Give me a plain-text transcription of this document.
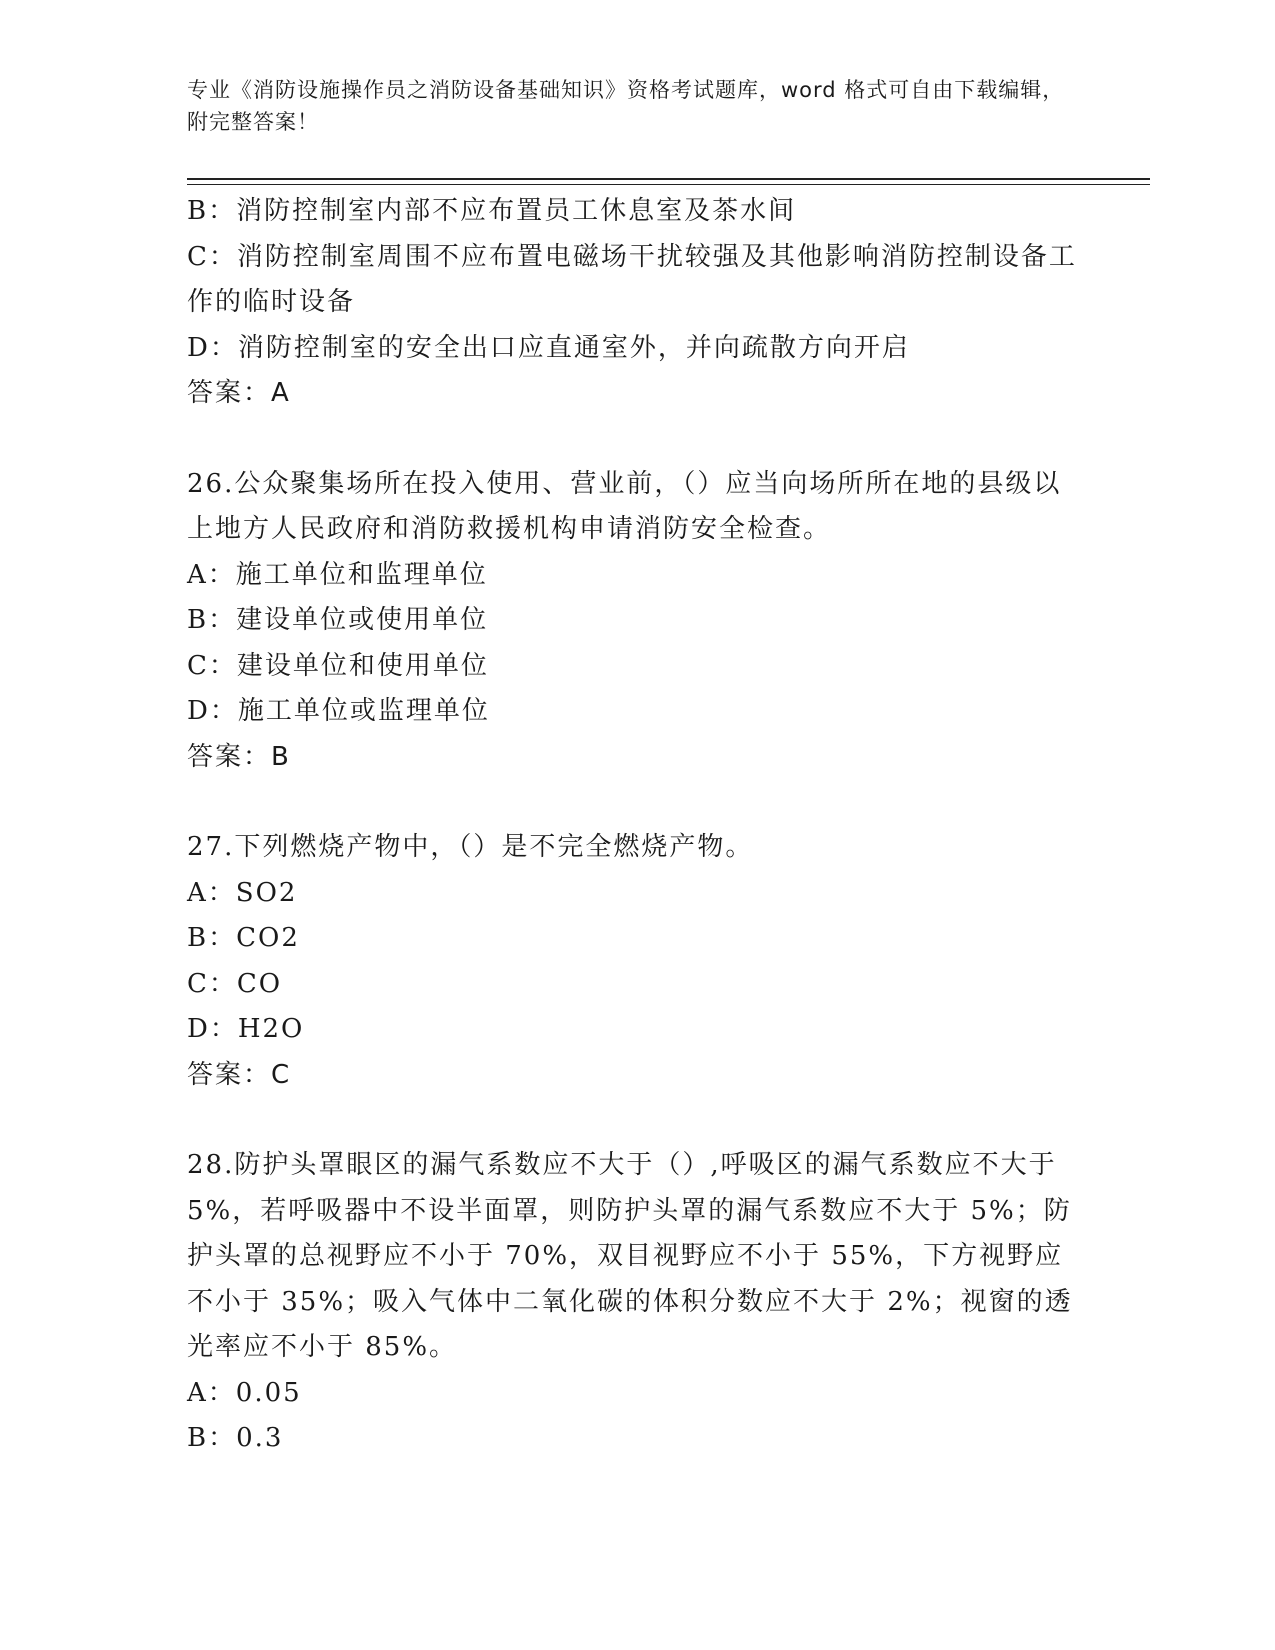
专业《消防设施操作员之消防设备基础知识》资格考试题库，word 格式可自由下载编辑，附完整答案！
B：消防控制室内部不应布置员工休息室及茶水间
C：消防控制室周围不应布置电磁场干扰较强及其他影响消防控制设备工作的临时设备
D：消防控制室的安全出口应直通室外，并向疏散方向开启
答案：A
26.公众聚集场所在投入使用、营业前，（）应当向场所所在地的县级以上地方人民政府和消防救援机构申请消防安全检查。
A：施工单位和监理单位
B：建设单位或使用单位
C：建设单位和使用单位
D：施工单位或监理单位
答案：B
27.下列燃烧产物中，（）是不完全燃烧产物。
A：SO2
B：CO2
C：CO
D：H2O
答案：C
28.防护头罩眼区的漏气系数应不大于（）,呼吸区的漏气系数应不大于 5%，若呼吸器中不设半面罩，则防护头罩的漏气系数应不大于 5%；防护头罩的总视野应不小于 70%，双目视野应不小于 55%，下方视野应不小于 35%；吸入气体中二氧化碳的体积分数应不大于 2%；视窗的透光率应不小于 85%。
A：0.05
B：0.3
